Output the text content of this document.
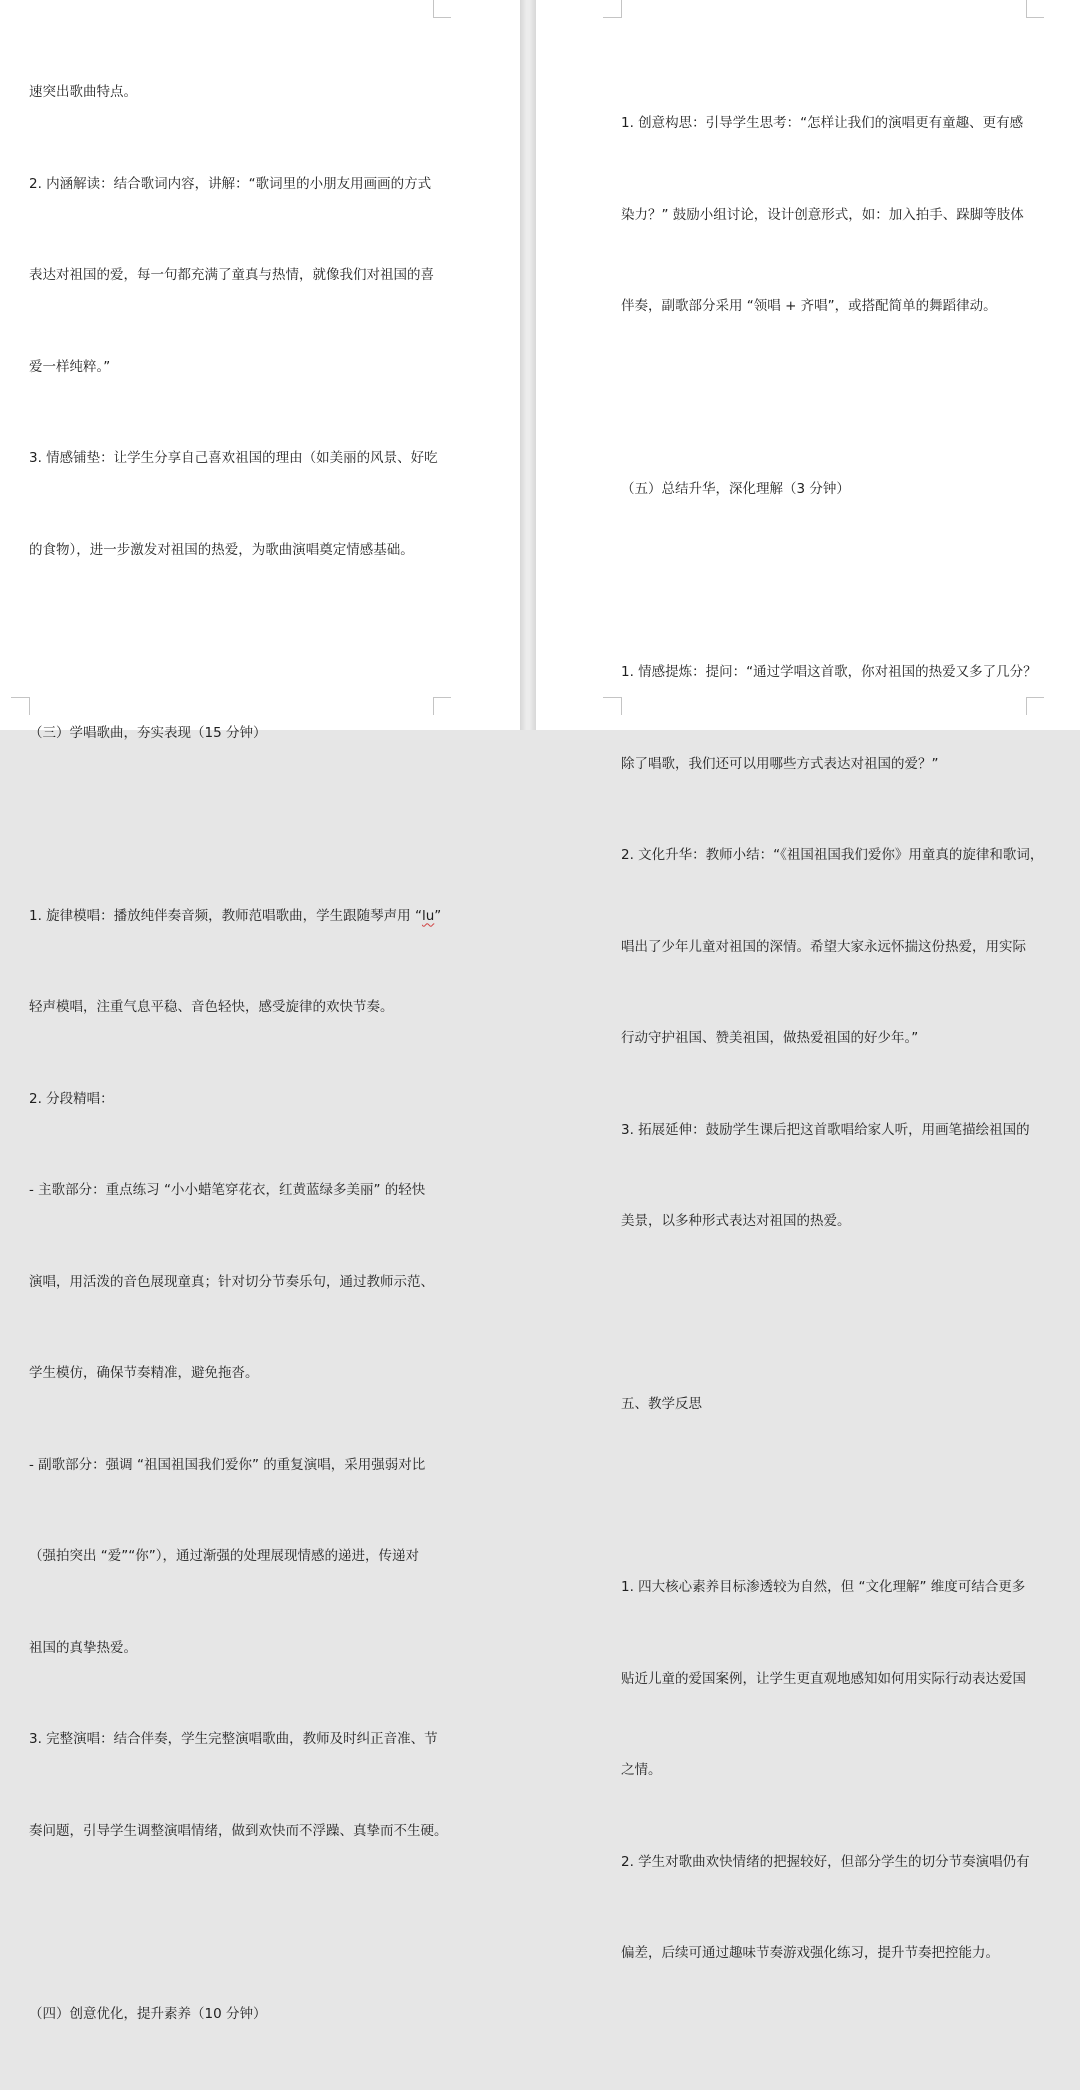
速突出歌曲特点。

2. 内涵解读：结合歌词内容，讲解：“歌词里的小朋友用画画的方式

表达对祖国的爱，每一句都充满了童真与热情，就像我们对祖国的喜

爱一样纯粹。”

3. 情感铺垫：让学生分享自己喜欢祖国的理由（如美丽的风景、好吃

的食物），进一步激发对祖国的热爱，为歌曲演唱奠定情感基础。

（三）学唱歌曲，夯实表现（15 分钟）

1. 旋律模唱：播放纯伴奏音频，教师范唱歌曲，学生跟随琴声用 “lu”

轻声模唱，注重气息平稳、音色轻快，感受旋律的欢快节奏。

2. 分段精唱：

- 主歌部分：重点练习 “小小蜡笔穿花衣，红黄蓝绿多美丽” 的轻快

演唱，用活泼的音色展现童真；针对切分节奏乐句，通过教师示范、

学生模仿，确保节奏精准，避免拖沓。

- 副歌部分：强调 “祖国祖国我们爱你” 的重复演唱，采用强弱对比

（强拍突出 “爱”“你”），通过渐强的处理展现情感的递进，传递对

祖国的真挚热爱。

3. 完整演唱：结合伴奏，学生完整演唱歌曲，教师及时纠正音准、节

奏问题，引导学生调整演唱情绪，做到欢快而不浮躁、真挚而不生硬。

（四）创意优化，提升素养（10 分钟）

1. 创意构思：引导学生思考：“怎样让我们的演唱更有童趣、更有感

染力？” 鼓励小组讨论，设计创意形式，如：加入拍手、跺脚等肢体

伴奏，副歌部分采用 “领唱 + 齐唱”，或搭配简单的舞蹈律动。

（五）总结升华，深化理解（3 分钟）

1. 情感提炼：提问：“通过学唱这首歌，你对祖国的热爱又多了几分？

除了唱歌，我们还可以用哪些方式表达对祖国的爱？”

2. 文化升华：教师小结：“《祖国祖国我们爱你》用童真的旋律和歌词，

唱出了少年儿童对祖国的深情。希望大家永远怀揣这份热爱，用实际

行动守护祖国、赞美祖国，做热爱祖国的好少年。”

3. 拓展延伸：鼓励学生课后把这首歌唱给家人听，用画笔描绘祖国的

美景，以多种形式表达对祖国的热爱。

五、教学反思

1. 四大核心素养目标渗透较为自然，但 “文化理解” 维度可结合更多

贴近儿童的爱国案例，让学生更直观地感知如何用实际行动表达爱国

之情。

2. 学生对歌曲欢快情绪的把握较好，但部分学生的切分节奏演唱仍有

偏差，后续可通过趣味节奏游戏强化练习，提升节奏把控能力。
